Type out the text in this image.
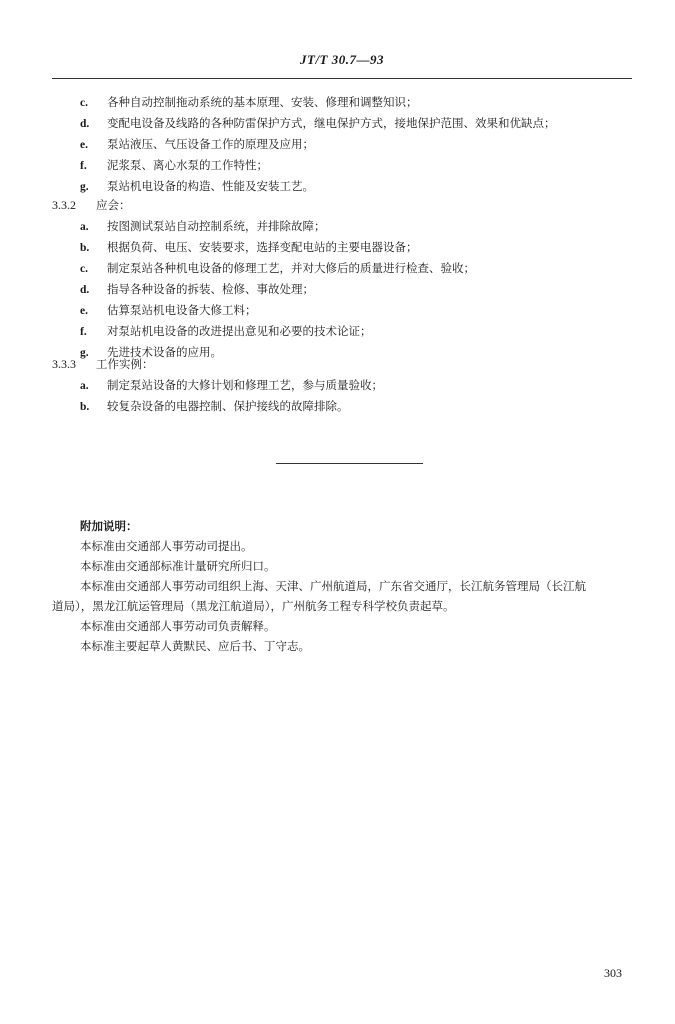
JT/T 30.7—93
c. 各种自动控制拖动系统的基本原理、安装、修理和调整知识；
d. 变配电设备及线路的各种防雷保护方式，继电保护方式，接地保护范围、效果和优缺点；
e. 泵站液压、气压设备工作的原理及应用；
f. 泥浆泵、离心水泵的工作特性；
g. 泵站机电设备的构造、性能及安装工艺。
3.3.2 应会：
a. 按图测试泵站自动控制系统，并排除故障；
b. 根据负荷、电压、安装要求，选择变配电站的主要电器设备；
c. 制定泵站各种机电设备的修理工艺，并对大修后的质量进行检查、验收；
d. 指导各种设备的拆装、检修、事故处理；
e. 估算泵站机电设备大修工料；
f. 对泵站机电设备的改进提出意见和必要的技术论证；
g. 先进技术设备的应用。
3.3.3 工作实例：
a. 制定泵站设备的大修计划和修理工艺，参与质量验收；
b. 较复杂设备的电器控制、保护接线的故障排除。
附加说明：
本标准由交通部人事劳动司提出。
本标准由交通部标准计量研究所归口。
本标准由交通部人事劳动司组织上海、天津、广州航道局，广东省交通厅，长江航务管理局（长江航
道局），黑龙江航运管理局（黑龙江航道局），广州航务工程专科学校负责起草。
本标准由交通部人事劳动司负责解释。
本标准主要起草人黄默民、应后书、丁守志。
303
